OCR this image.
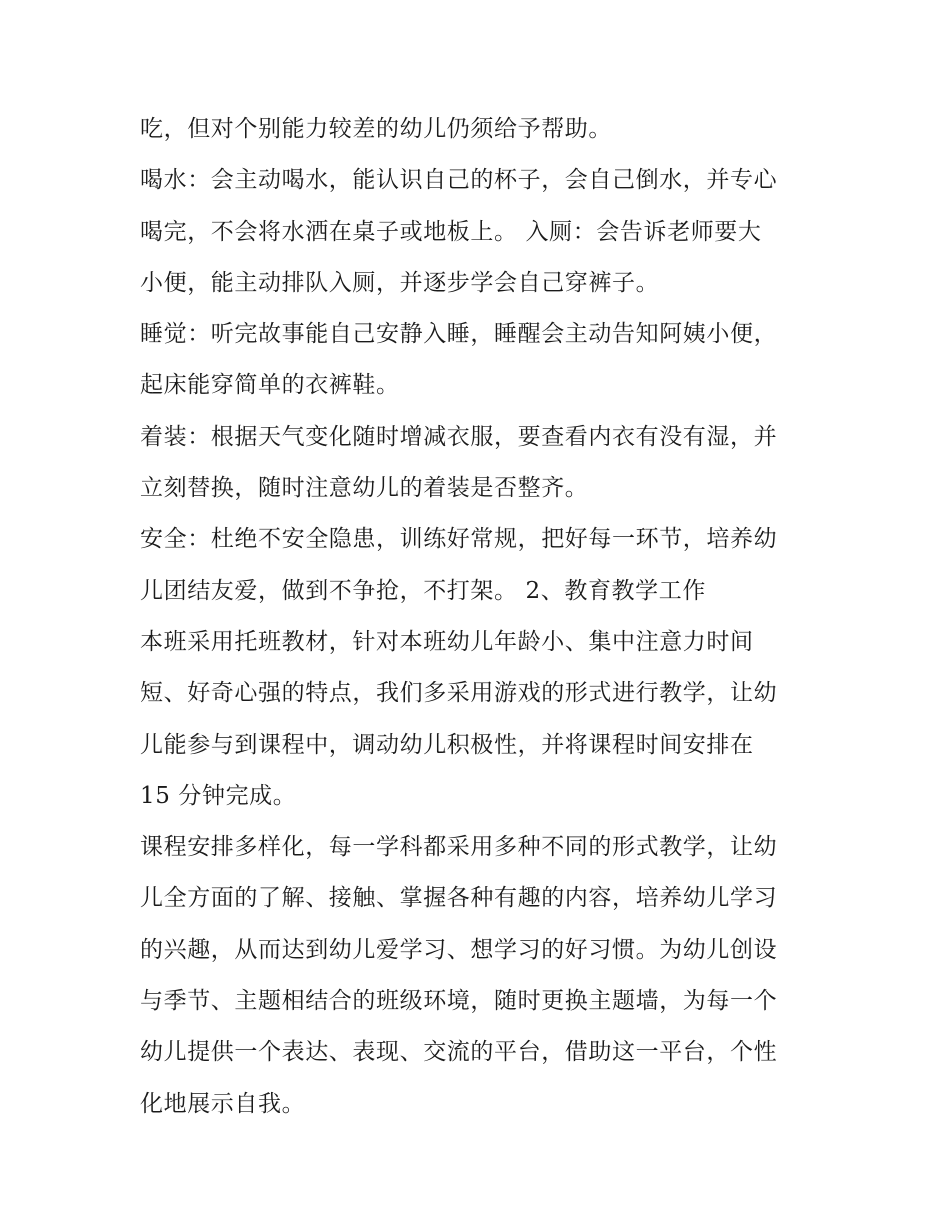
吃，但对个别能力较差的幼儿仍须给予帮助。
喝水：会主动喝水，能认识自己的杯子，会自己倒水，并专心
喝完，不会将水洒在桌子或地板上。 入厕：会告诉老师要大
小便，能主动排队入厕，并逐步学会自己穿裤子。
睡觉：听完故事能自己安静入睡，睡醒会主动告知阿姨小便，
起床能穿简单的衣裤鞋。
着装：根据天气变化随时增减衣服，要查看内衣有没有湿，并
立刻替换，随时注意幼儿的着装是否整齐。
安全：杜绝不安全隐患，训练好常规，把好每一环节，培养幼
儿团结友爱，做到不争抢，不打架。 2、教育教学工作
本班采用托班教材，针对本班幼儿年龄小、集中注意力时间
短、好奇心强的特点，我们多采用游戏的形式进行教学，让幼
儿能参与到课程中，调动幼儿积极性，并将课程时间安排在
15 分钟完成。
课程安排多样化，每一学科都采用多种不同的形式教学，让幼
儿全方面的了解、接触、掌握各种有趣的内容，培养幼儿学习
的兴趣，从而达到幼儿爱学习、想学习的好习惯。为幼儿创设
与季节、主题相结合的班级环境，随时更换主题墙，为每一个
幼儿提供一个表达、表现、交流的平台，借助这一平台，个性
化地展示自我。
